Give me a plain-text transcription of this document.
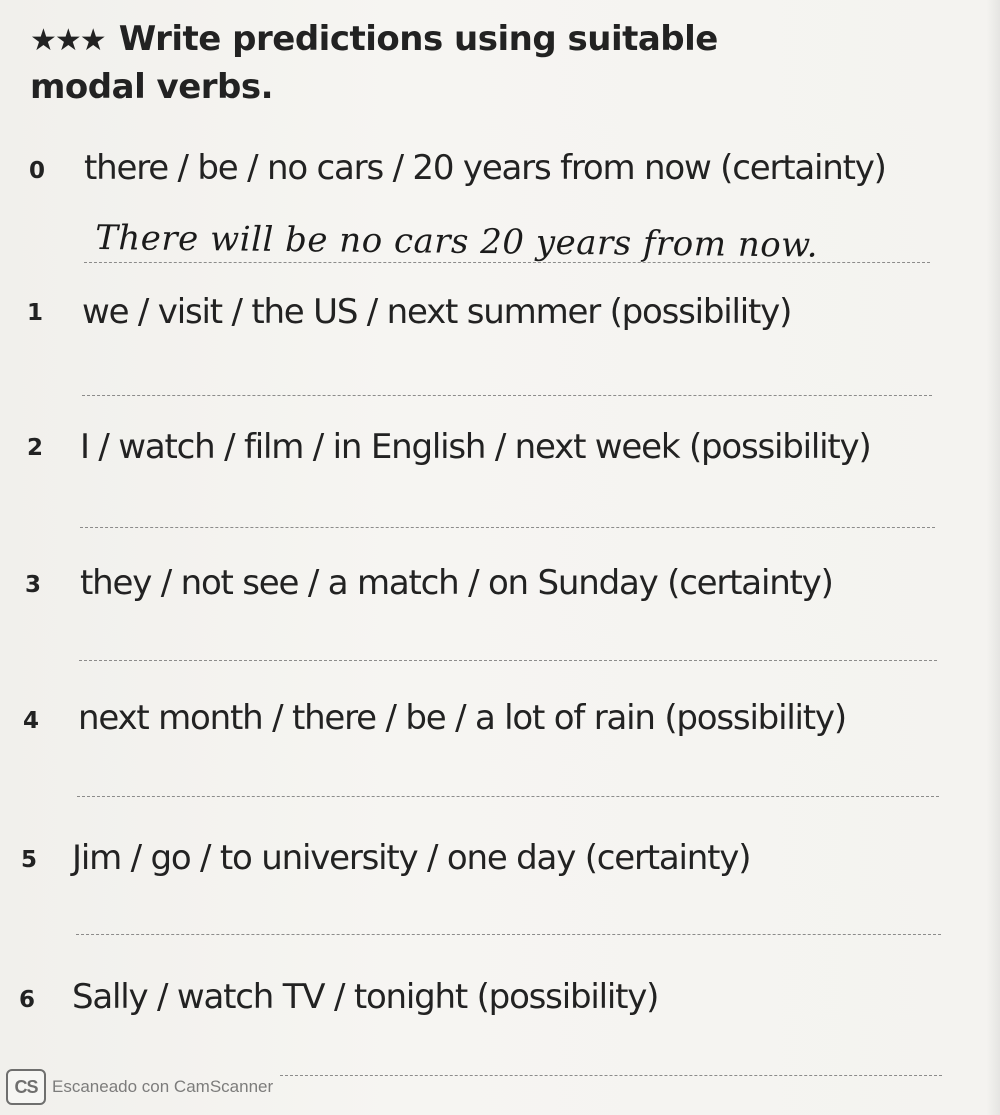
★★★ Write predictions using suitable modal verbs.
0 there / be / no cars / 20 years from now (certainty)
There will be no cars 20 years from now.
1 we / visit / the US / next summer (possibility)
2 I / watch / film / in English / next week (possibility)
3 they / not see / a match / on Sunday (certainty)
4 next month / there / be / a lot of rain (possibility)
5 Jim / go / to university / one day (certainty)
6 Sally / watch TV / tonight (possibility)
CS Escaneado con CamScanner
